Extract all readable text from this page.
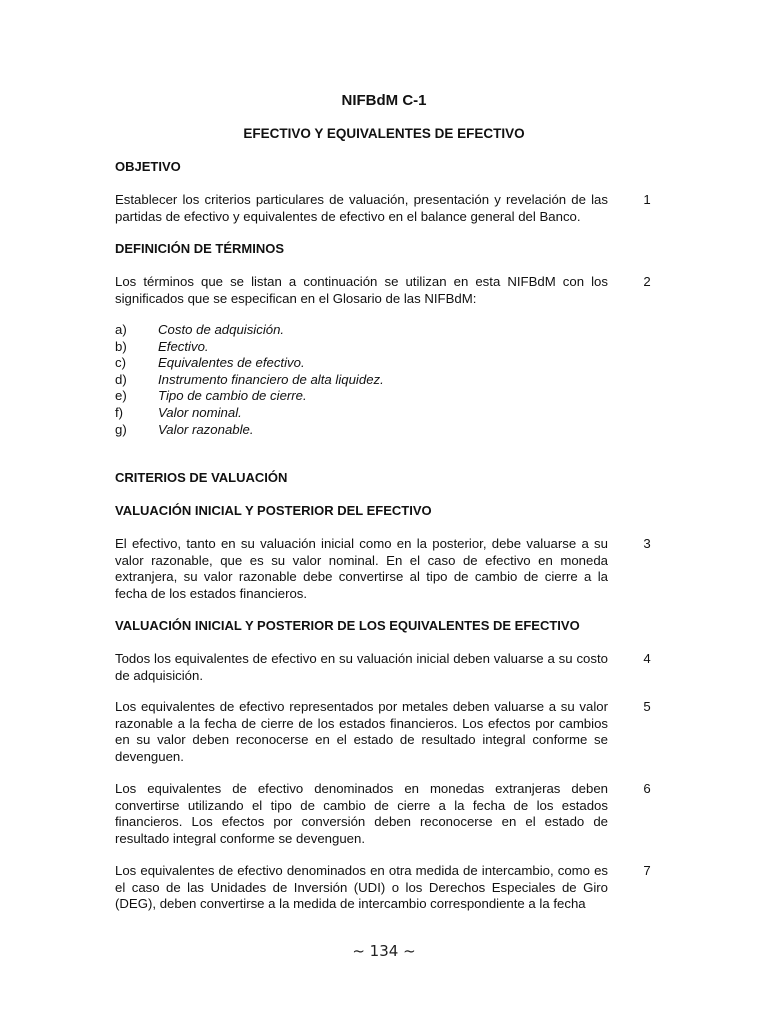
NIFBdM C-1
EFECTIVO Y EQUIVALENTES DE EFECTIVO
OBJETIVO

Establecer los criterios particulares de valuación, presentación y revelación de las partidas de efectivo y equivalentes de efectivo en el balance general del Banco.

1
DEFINICIÓN DE TÉRMINOS

Los términos que se listan a continuación se utilizan en esta NIFBdM con los significados que se especifican en el Glosario de las NIFBdM:

2
a)	Costo de adquisición.
b)	Efectivo.
c)	Equivalentes de efectivo.
d)	Instrumento financiero de alta liquidez.
e)	Tipo de cambio de cierre.
f)	Valor nominal.
g)	Valor razonable.
CRITERIOS DE VALUACIÓN
VALUACIÓN INICIAL Y POSTERIOR DEL EFECTIVO

El efectivo, tanto en su valuación inicial como en la posterior, debe valuarse a su valor razonable, que es su valor nominal. En el caso de efectivo en moneda extranjera, su valor razonable debe convertirse al tipo de cambio de cierre a la fecha de los estados financieros.

3
VALUACIÓN INICIAL Y POSTERIOR DE LOS EQUIVALENTES DE EFECTIVO

Todos los equivalentes de efectivo en su valuación inicial deben valuarse a su costo de adquisición.

4

Los equivalentes de efectivo representados por metales deben valuarse a su valor razonable a la fecha de cierre de los estados financieros. Los efectos por cambios en su valor deben reconocerse en el estado de resultado integral conforme se devenguen.

5

Los equivalentes de efectivo denominados en monedas extranjeras deben convertirse utilizando el tipo de cambio de cierre a la fecha de los estados financieros. Los efectos por conversión deben reconocerse en el estado de resultado integral conforme se devenguen.

6

Los equivalentes de efectivo denominados en otra medida de intercambio, como es el caso de las Unidades de Inversión (UDI) o los Derechos Especiales de Giro (DEG), deben convertirse a la medida de intercambio correspondiente a la fecha

7
~ 134 ~
